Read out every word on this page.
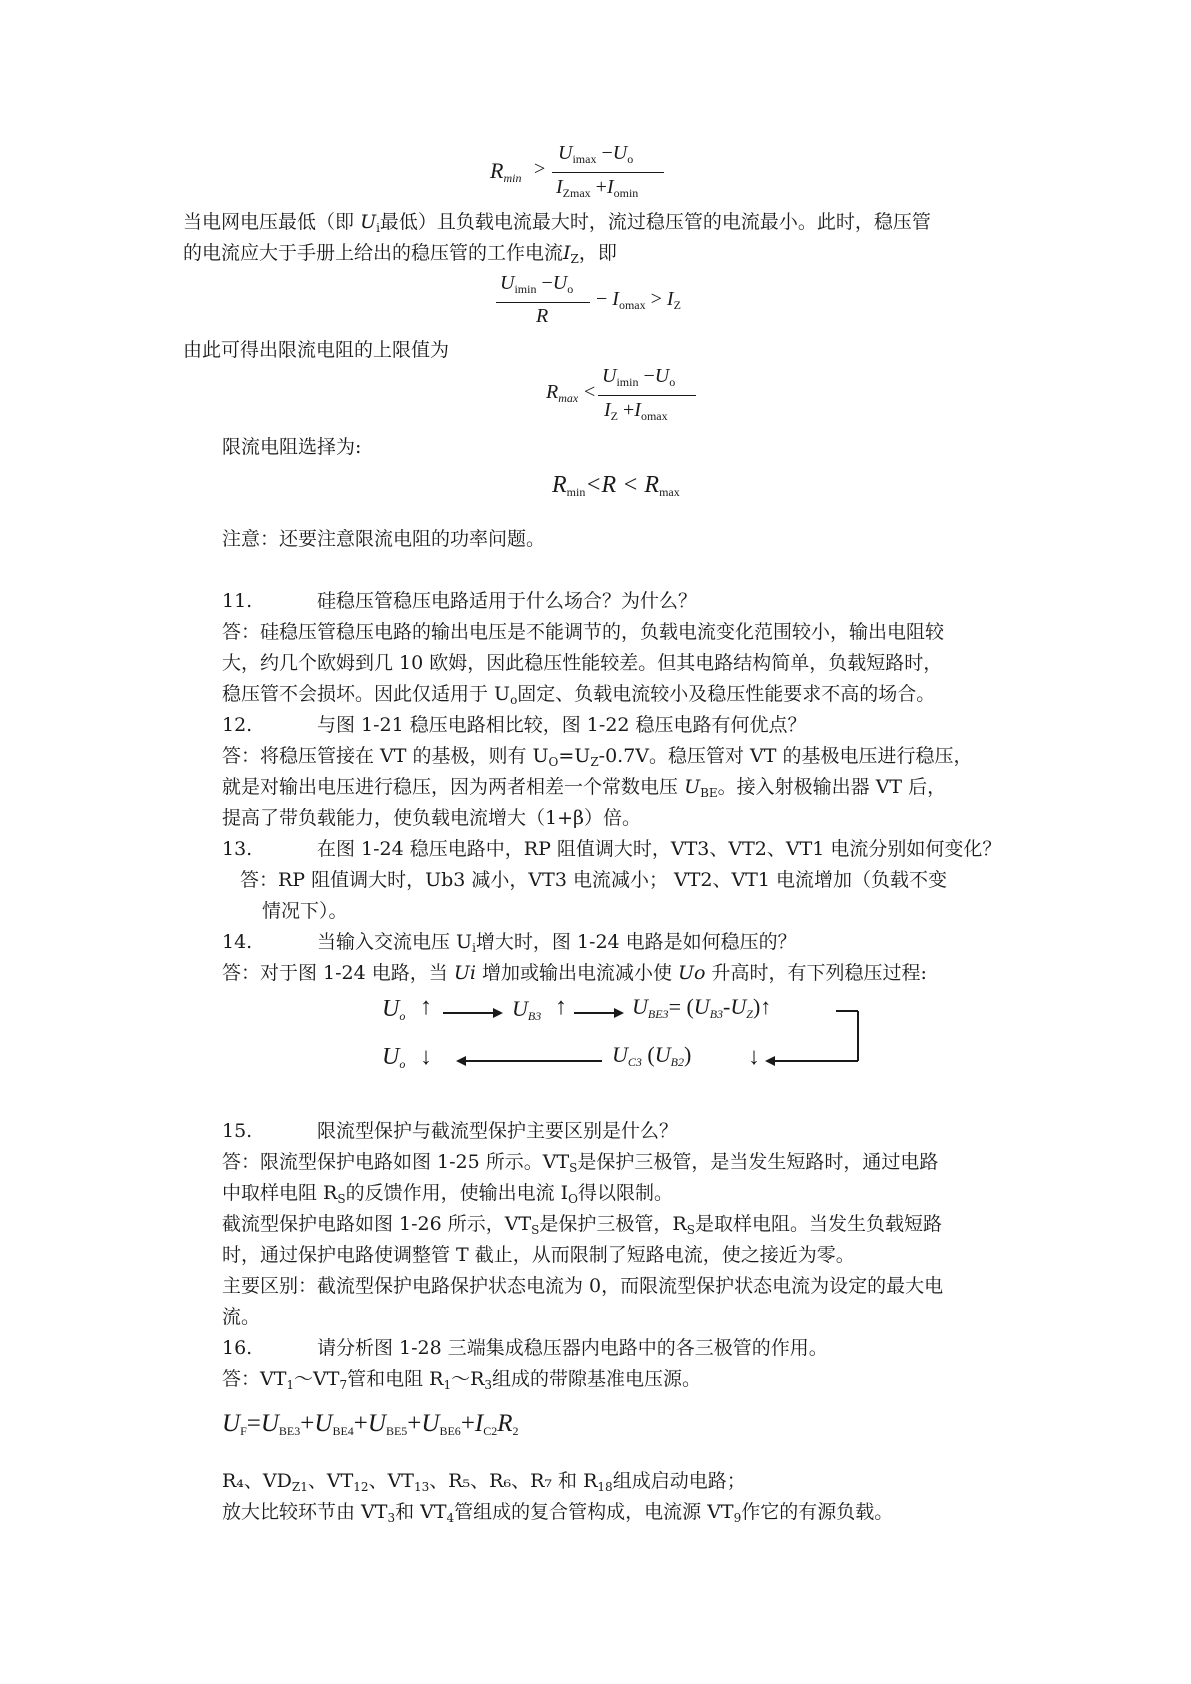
$R_{min}$ >
$U_{imax} -U_o$
$I_{Zmax} +I_{omin}$
当电网电压最低（即 $U_i$最低）且负载电流最大时，流过稳压管的电流最小。此时，稳压管
的电流应大于手册上给出的稳压管的工作电流$I_Z$，即
$U_{imin} -U_o$
R
− $I_{omax} > I_Z$
由此可得出限流电阻的上限值为
$R_{max}$ <
$U_{imin} -U_o$
$I_Z +I_{omax}$
限流电阻选择为:
$R_{min}<R < R_{max}$
注意：还要注意限流电阻的功率问题。
11.	硅稳压管稳压电路适用于什么场合？为什么？
答：硅稳压管稳压电路的输出电压是不能调节的，负载电流变化范围较小，输出电阻较
大，约几个欧姆到几 10 欧姆，因此稳压性能较差。但其电路结构简单，负载短路时，
稳压管不会损坏。因此仅适用于 $U_o$固定、负载电流较小及稳压性能要求不高的场合。
12.	与图 1-21 稳压电路相比较，图 1-22 稳压电路有何优点？
答：将稳压管接在 VT 的基极，则有 $U_O=U_Z-0.7V$。稳压管对 VT 的基极电压进行稳压，
就是对输出电压进行稳压，因为两者相差一个常数电压 $U_{BE}$。接入射极输出器 VT 后，
提高了带负载能力，使负载电流增大（1+β）倍。
13.	在图 1-24 稳压电路中，RP 阻值调大时，VT3、VT2、VT1 电流分别如何变化？
答：RP 阻值调大时，Ub3 减小，VT3 电流减小； VT2、VT1 电流增加（负载不变
情况下）。
14.	当输入交流电压 $U_i$增大时，图 1-24 电路是如何稳压的？
答：对于图 1-24 电路，当 Ui 增加或输出电流减小使 Uo 升高时，有下列稳压过程:
$U_o$ ↑	$U_{B3}$ ↑	$U_{BE3}=$ $(U_{B3}-U_Z)↑$
$U_o$ ↓	$U_{C3}$ $(U_{B2})$ ↓
15.	限流型保护与截流型保护主要区别是什么？
答：限流型保护电路如图 1-25 所示。$VT_S$是保护三极管，是当发生短路时，通过电路
中取样电阻 $R_S$的反馈作用，使输出电流 $I_O$得以限制。
截流型保护电路如图 1-26 所示，$VT_S$是保护三极管，$R_S$是取样电阻。当发生负载短路
时，通过保护电路使调整管 T 截止，从而限制了短路电流，使之接近为零。
主要区别：截流型保护电路保护状态电流为 0，而限流型保护状态电流为设定的最大电
流。
16.	请分析图 1-28 三端集成稳压器内电路中的各三极管的作用。
答：$VT_1\sim VT_7$管和电阻 $R_1\sim R_3$组成的带隙基准电压源。
$U_F=U_{BE3}+U_{BE4}+U_{BE5}+U_{BE6}+I_{C2}R_2$
R₄、$VD_{Z1}$、$VT_{12}$、$VT_{13}$、R₅、R₆、R₇ 和 $R_{18}$组成启动电路；
放大比较环节由 $VT_3$和 $VT_4$管组成的复合管构成，电流源 $VT_9$作它的有源负载。
